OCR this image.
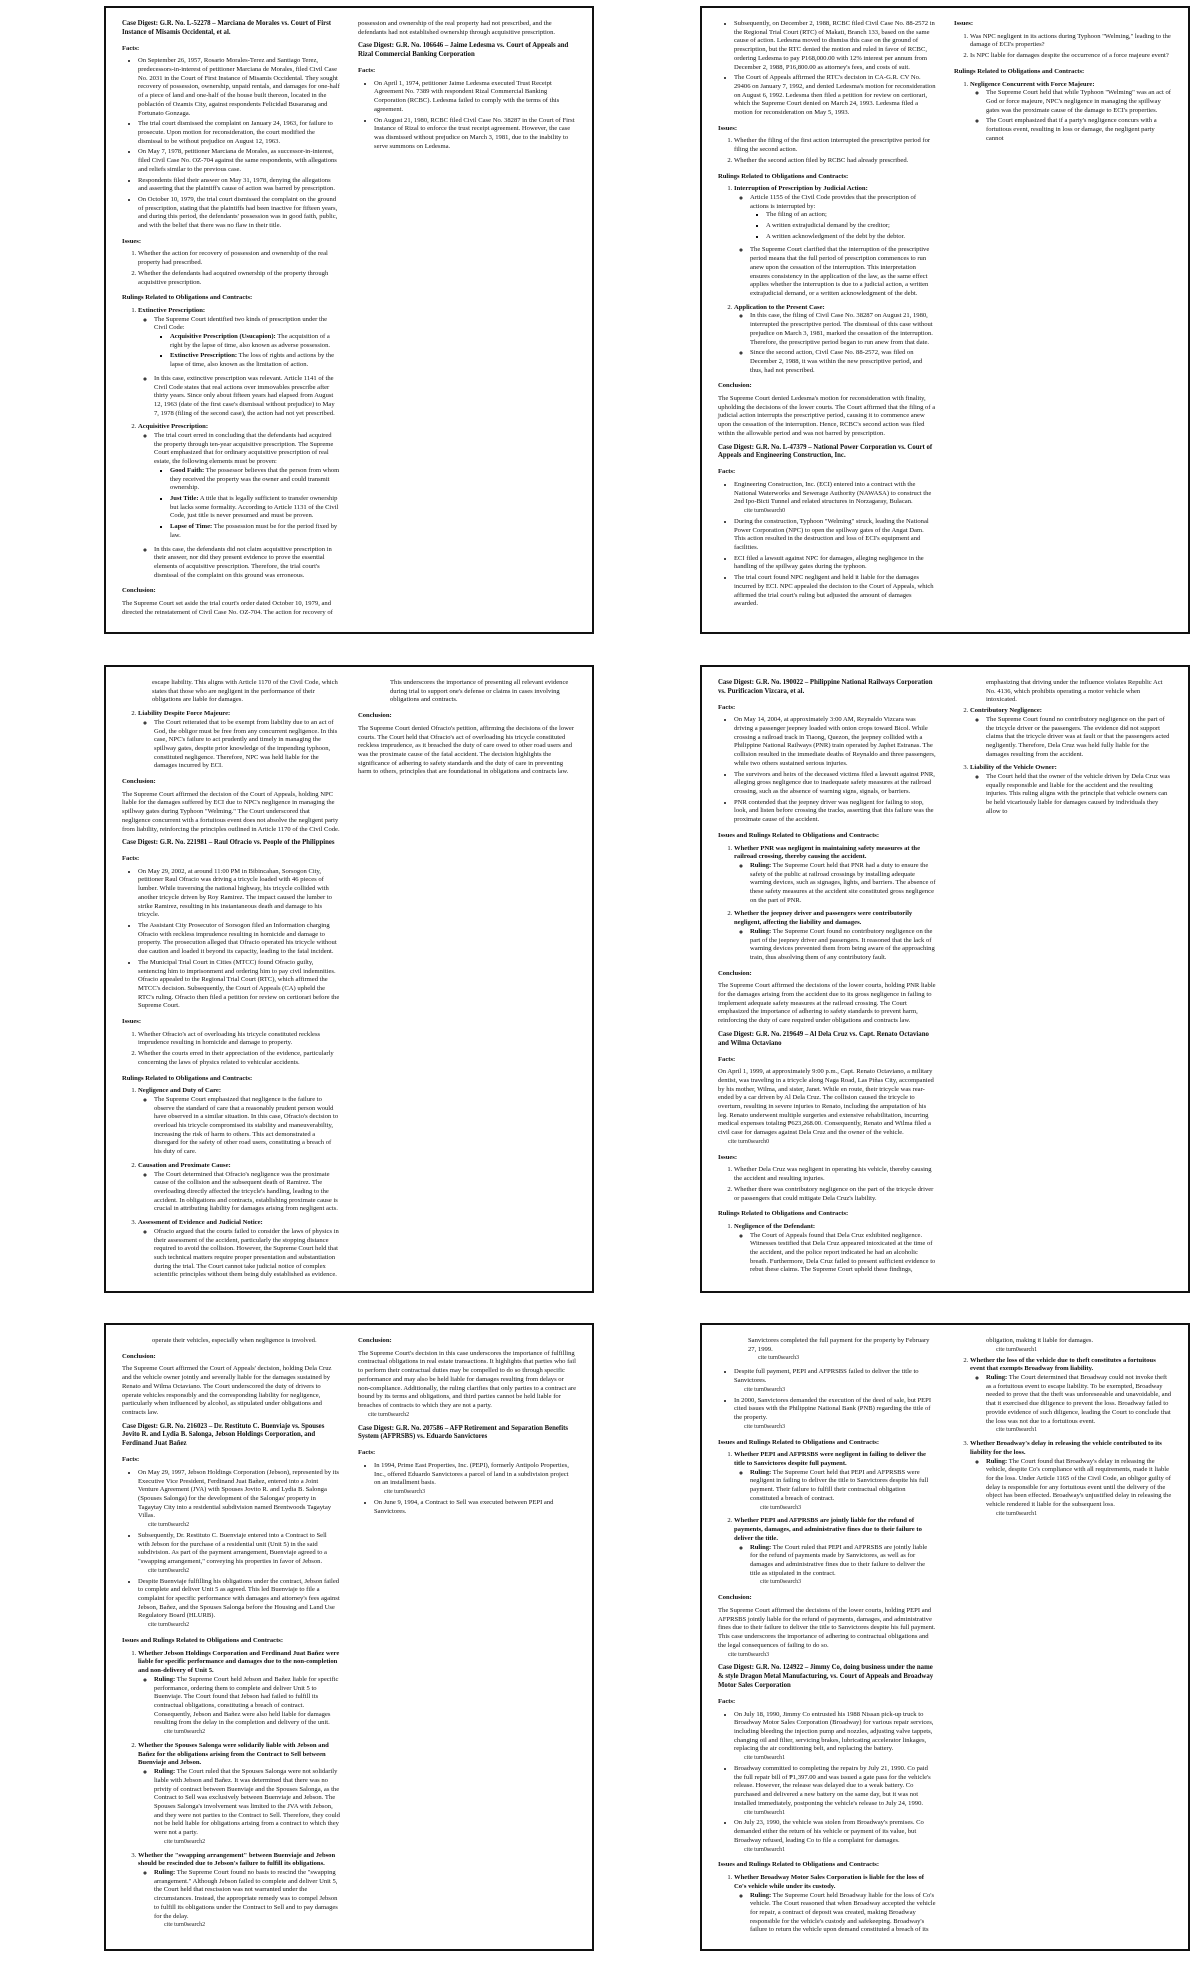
Case Digest: G.R. No. L-52278 – Marciana de Morales vs. Court of First Instance of Misamis Occidental, et al.
Facts:
• On September 26, 1957, Rosario Morales-Terez and Santiago Terez, predecessors-in-interest of petitioner Marciana de Morales, filed Civil Case No. 2031 in the Court of First Instance of Misamis Occidental. They sought recovery of possession, ownership, unpaid rentals, and damages for one-half of a piece of land and one-half of the house built thereon, located in the población of Ozamis City, against respondents Felicidad Busaranag and Fortunato Gonzaga.
• The trial court dismissed the complaint on January 24, 1963, for failure to prosecute. Upon motion for reconsideration, the court modified the dismissal to be without prejudice on August 12, 1963.
• On May 7, 1978, petitioner Marciana de Morales, as successor-in-interest, filed Civil Case No. OZ-704 against the same respondents, with allegations and reliefs similar to the previous case.
• Respondents filed their answer on May 31, 1978, denying the allegations and asserting that the plaintiff's cause of action was barred by prescription.
• On October 10, 1979, the trial court dismissed the complaint on the ground of prescription, stating that the plaintiffs had been inactive for fifteen years, and during this period, the defendants' possession was in good faith, public, and with the belief that there was no flaw in their title.
Issues:
1. Whether the action for recovery of possession and ownership of the real property had prescribed.
2. Whether the defendants had acquired ownership of the property through acquisitive prescription.
Rulings Related to Obligations and Contracts:
1. Extinctive Prescription:
◦ The Supreme Court identified two kinds of prescription under the Civil Code:
▪ Acquisitive Prescription (Usucapion): The acquisition of a right by the lapse of time, also known as adverse possession.
▪ Extinctive Prescription: The loss of rights and actions by the lapse of time, also known as the limitation of action.
◦ In this case, extinctive prescription was relevant. Article 1141 of the Civil Code states that real actions over immovables prescribe after thirty years. Since only about fifteen years had elapsed from August 12, 1963 (date of the first case's dismissal without prejudice) to May 7, 1978 (filing of the second case), the action had not yet prescribed.
2. Acquisitive Prescription:
◦ The trial court erred in concluding that the defendants had acquired the property through ten-year acquisitive prescription. The Supreme Court emphasized that for ordinary acquisitive prescription of real estate, the following elements must be proven:
▪ Good Faith: The possessor believes that the person from whom they received the property was the owner and could transmit ownership.
▪ Just Title: A title that is legally sufficient to transfer ownership but lacks some formality. According to Article 1131 of the Civil Code, just title is never presumed and must be proven.
▪ Lapse of Time: The possession must be for the period fixed by law.
◦ In this case, the defendants did not claim acquisitive prescription in their answer, nor did they present evidence to prove the essential elements of acquisitive prescription. Therefore, the trial court's dismissal of the complaint on this ground was erroneous.
Conclusion:

The Supreme Court set aside the trial court's order dated October 10, 1979, and directed the reinstatement of Civil Case No. OZ-704. The action for recovery of possession and ownership of the real property had not prescribed, and the defendants had not established ownership through acquisitive prescription.

Case Digest: G.R. No. 106646 – Jaime Ledesma vs. Court of Appeals and Rizal Commercial Banking Corporation
Facts:
• On April 1, 1974, petitioner Jaime Ledesma executed Trust Receipt Agreement No. 7389 with respondent Rizal Commercial Banking Corporation (RCBC). Ledesma failed to comply with the terms of this agreement.
• On August 21, 1980, RCBC filed Civil Case No. 38287 in the Court of First Instance of Rizal to enforce the trust receipt agreement. However, the case was dismissed without prejudice on March 3, 1981, due to the inability to serve summons on Ledesma.
• Subsequently, on December 2, 1988, RCBC filed Civil Case No. 88-2572 in the Regional Trial Court (RTC) of Makati, Branch 133, based on the same cause of action. Ledesma moved to dismiss this case on the ground of prescription, but the RTC denied the motion and ruled in favor of RCBC, ordering Ledesma to pay P168,000.00 with 12% interest per annum from December 2, 1988, P16,800.00 as attorney's fees, and costs of suit.
• The Court of Appeals affirmed the RTC's decision in CA-G.R. CV No. 29406 on January 7, 1992, and denied Ledesma's motion for reconsideration on August 6, 1992. Ledesma then filed a petition for review on certiorari, which the Supreme Court denied on March 24, 1993. Ledesma filed a motion for reconsideration on May 5, 1993.
Issues:
1. Whether the filing of the first action interrupted the prescriptive period for filing the second action.
2. Whether the second action filed by RCBC had already prescribed.
Rulings Related to Obligations and Contracts:
1. Interruption of Prescription by Judicial Action:
◦ Article 1155 of the Civil Code provides that the prescription of actions is interrupted by:
▪ The filing of an action;
▪ A written extrajudicial demand by the creditor;
▪ A written acknowledgment of the debt by the debtor.
◦ The Supreme Court clarified that the interruption of the prescriptive period means that the full period of prescription commences to run anew upon the cessation of the interruption. This interpretation ensures consistency in the application of the law, as the same effect applies whether the interruption is due to a judicial action, a written extrajudicial demand, or a written acknowledgment of the debt.
2. Application to the Present Case:
◦ In this case, the filing of Civil Case No. 38287 on August 21, 1980, interrupted the prescriptive period. The dismissal of this case without prejudice on March 3, 1981, marked the cessation of the interruption. Therefore, the prescriptive period began to run anew from that date.
◦ Since the second action, Civil Case No. 88-2572, was filed on December 2, 1988, it was within the new prescriptive period, and thus, had not prescribed.
Conclusion:

The Supreme Court denied Ledesma's motion for reconsideration with finality, upholding the decisions of the lower courts. The Court affirmed that the filing of a judicial action interrupts the prescriptive period, causing it to commence anew upon the cessation of the interruption. Hence, RCBC's second action was filed within the allowable period and was not barred by prescription.

Case Digest: G.R. No. L-47379 – National Power Corporation vs. Court of Appeals and Engineering Construction, Inc.
Facts:
• Engineering Construction, Inc. (ECI) entered into a contract with the National Waterworks and Sewerage Authority (NAWASA) to construct the 2nd Ipo-Bicti Tunnel and related structures in Norzagaray, Bulacan.
cite turn0search0
• During the construction, Typhoon "Welming" struck, leading the National Power Corporation (NPC) to open the spillway gates of the Angat Dam. This action resulted in the destruction and loss of ECI's equipment and facilities.
• ECI filed a lawsuit against NPC for damages, alleging negligence in the handling of the spillway gates during the typhoon.
• The trial court found NPC negligent and held it liable for the damages incurred by ECI. NPC appealed the decision to the Court of Appeals, which affirmed the trial court's ruling but adjusted the amount of damages awarded.
Issues:
1. Was NPC negligent in its actions during Typhoon "Welming," leading to the damage of ECI's properties?
2. Is NPC liable for damages despite the occurrence of a force majeure event?
Rulings Related to Obligations and Contracts:
1. Negligence Concurrent with Force Majeure:
◦ The Supreme Court held that while Typhoon "Welming" was an act of God or force majeure, NPC's negligence in managing the spillway gates was the proximate cause of the damage to ECI's properties.
◦ The Court emphasized that if a party's negligence concurs with a fortuitous event, resulting in loss or damage, the negligent party cannot

escape liability. This aligns with Article 1170 of the Civil Code, which states that those who are negligent in the performance of their obligations are liable for damages.

2. Liability Despite Force Majeure:
◦ The Court reiterated that to be exempt from liability due to an act of God, the obligor must be free from any concurrent negligence. In this case, NPC's failure to act prudently and timely in managing the spillway gates, despite prior knowledge of the impending typhoon, constituted negligence. Therefore, NPC was held liable for the damages incurred by ECI.
Conclusion:

The Supreme Court affirmed the decision of the Court of Appeals, holding NPC liable for the damages suffered by ECI due to NPC's negligence in managing the spillway gates during Typhoon "Welming." The Court underscored that negligence concurrent with a fortuitous event does not absolve the negligent party from liability, reinforcing the principles outlined in Article 1170 of the Civil Code.

Case Digest: G.R. No. 221981 – Raul Ofracio vs. People of the Philippines
Facts:
• On May 29, 2002, at around 11:00 PM in Bibincahan, Sorsogon City, petitioner Raul Ofracio was driving a tricycle loaded with 46 pieces of lumber. While traversing the national highway, his tricycle collided with another tricycle driven by Roy Ramirez. The impact caused the lumber to strike Ramirez, resulting in his instantaneous death and damage to his tricycle.
• The Assistant City Prosecutor of Sorsogon filed an Information charging Ofracio with reckless imprudence resulting in homicide and damage to property. The prosecution alleged that Ofracio operated his tricycle without due caution and loaded it beyond its capacity, leading to the fatal incident.
• The Municipal Trial Court in Cities (MTCC) found Ofracio guilty, sentencing him to imprisonment and ordering him to pay civil indemnities. Ofracio appealed to the Regional Trial Court (RTC), which affirmed the MTCC's decision. Subsequently, the Court of Appeals (CA) upheld the RTC's ruling. Ofracio then filed a petition for review on certiorari before the Supreme Court.
Issues:
1. Whether Ofracio's act of overloading his tricycle constituted reckless imprudence resulting in homicide and damage to property.
2. Whether the courts erred in their appreciation of the evidence, particularly concerning the laws of physics related to vehicular accidents.
Rulings Related to Obligations and Contracts:
1. Negligence and Duty of Care:
◦ The Supreme Court emphasized that negligence is the failure to observe the standard of care that a reasonably prudent person would have observed in a similar situation. In this case, Ofracio's decision to overload his tricycle compromised its stability and maneuverability, increasing the risk of harm to others. This act demonstrated a disregard for the safety of other road users, constituting a breach of his duty of care.
2. Causation and Proximate Cause:
◦ The Court determined that Ofracio's negligence was the proximate cause of the collision and the subsequent death of Ramirez. The overloading directly affected the tricycle's handling, leading to the accident. In obligations and contracts, establishing proximate cause is crucial in attributing liability for damages arising from negligent acts.
3. Assessment of Evidence and Judicial Notice:
◦ Ofracio argued that the courts failed to consider the laws of physics in their assessment of the accident, particularly the stopping distance required to avoid the collision. However, the Supreme Court held that such technical matters require proper presentation and substantiation during the trial. The Court cannot take judicial notice of complex scientific principles without them being duly established as evidence. This underscores the importance of presenting all relevant evidence during trial to support one's defense or claims in cases involving obligations and contracts.
Conclusion:

The Supreme Court denied Ofracio's petition, affirming the decisions of the lower courts. The Court held that Ofracio's act of overloading his tricycle constituted reckless imprudence, as it breached the duty of care owed to other road users and was the proximate cause of the fatal accident. The decision highlights the significance of adhering to safety standards and the duty of care in preventing harm to others, principles that are foundational in obligations and contracts law.

Case Digest: G.R. No. 190022 – Philippine National Railways Corporation vs. Purificacion Vizcara, et al.
Facts:
• On May 14, 2004, at approximately 3:00 AM, Reynaldo Vizcara was driving a passenger jeepney loaded with onion crops toward Bicol. While crossing a railroad track in Tiaong, Quezon, the jeepney collided with a Philippine National Railways (PNR) train operated by Japhet Estranas. The collision resulted in the immediate deaths of Reynaldo and three passengers, while two others sustained serious injuries.
• The survivors and heirs of the deceased victims filed a lawsuit against PNR, alleging gross negligence due to inadequate safety measures at the railroad crossing, such as the absence of warning signs, signals, or barriers.
• PNR contended that the jeepney driver was negligent for failing to stop, look, and listen before crossing the tracks, asserting that this failure was the proximate cause of the accident.
Issues and Rulings Related to Obligations and Contracts:
1. Whether PNR was negligent in maintaining safety measures at the railroad crossing, thereby causing the accident.
◦ Ruling: The Supreme Court held that PNR had a duty to ensure the safety of the public at railroad crossings by installing adequate warning devices, such as signages, lights, and barriers. The absence of these safety measures at the accident site constituted gross negligence on the part of PNR.
2. Whether the jeepney driver and passengers were contributorily negligent, affecting the liability and damages.
◦ Ruling: The Supreme Court found no contributory negligence on the part of the jeepney driver and passengers. It reasoned that the lack of warning devices prevented them from being aware of the approaching train, thus absolving them of any contributory fault.
Conclusion:

The Supreme Court affirmed the decisions of the lower courts, holding PNR liable for the damages arising from the accident due to its gross negligence in failing to implement adequate safety measures at the railroad crossing. The Court emphasized the importance of adhering to safety standards to prevent harm, reinforcing the duty of care required under obligations and contracts law.

Case Digest: G.R. No. 219649 – Al Dela Cruz vs. Capt. Renato Octaviano and Wilma Octaviano
Facts:

On April 1, 1999, at approximately 9:00 p.m., Capt. Renato Octaviano, a military dentist, was traveling in a tricycle along Naga Road, Las Piñas City, accompanied by his mother, Wilma, and sister, Janet. While en route, their tricycle was rear-ended by a car driven by Al Dela Cruz. The collision caused the tricycle to overturn, resulting in severe injuries to Renato, including the amputation of his leg. Renato underwent multiple surgeries and extensive rehabilitation, incurring medical expenses totaling ₱623,268.00. Consequently, Renato and Wilma filed a civil case for damages against Dela Cruz and the owner of the vehicle.
cite turn0search0

Issues:
1. Whether Dela Cruz was negligent in operating his vehicle, thereby causing the accident and resulting injuries.
2. Whether there was contributory negligence on the part of the tricycle driver or passengers that could mitigate Dela Cruz's liability.
Rulings Related to Obligations and Contracts:
1. Negligence of the Defendant:
◦ The Court of Appeals found that Dela Cruz exhibited negligence. Witnesses testified that Dela Cruz appeared intoxicated at the time of the accident, and the police report indicated he had an alcoholic breath. Furthermore, Dela Cruz failed to present sufficient evidence to rebut these claims. The Supreme Court upheld these findings, emphasizing that driving under the influence violates Republic Act No. 4136, which prohibits operating a motor vehicle when intoxicated.
2. Contributory Negligence:
◦ The Supreme Court found no contributory negligence on the part of the tricycle driver or the passengers. The evidence did not support claims that the tricycle driver was at fault or that the passengers acted negligently. Therefore, Dela Cruz was held fully liable for the damages resulting from the accident.
3. Liability of the Vehicle Owner:
◦ The Court held that the owner of the vehicle driven by Dela Cruz was equally responsible and liable for the accident and the resulting injuries. This ruling aligns with the principle that vehicle owners can be held vicariously liable for damages caused by individuals they allow to

operate their vehicles, especially when negligence is involved.

Conclusion:

The Supreme Court affirmed the Court of Appeals' decision, holding Dela Cruz and the vehicle owner jointly and severally liable for the damages sustained by Renato and Wilma Octaviano. The Court underscored the duty of drivers to operate vehicles responsibly and the corresponding liability for negligence, particularly when influenced by alcohol, as stipulated under obligations and contracts law.

Case Digest: G.R. No. 216023 – Dr. Restituto C. Buenviaje vs. Spouses Jovito R. and Lydia B. Salonga, Jebson Holdings Corporation, and Ferdinand Juat Bañez
Facts:
• On May 29, 1997, Jebson Holdings Corporation (Jebson), represented by its Executive Vice President, Ferdinand Juat Bañez, entered into a Joint Venture Agreement (JVA) with Spouses Jovito R. and Lydia B. Salonga (Spouses Salonga) for the development of the Salongas' property in Tagaytay City into a residential subdivision named Brentwoods Tagaytay Villas.
cite turn0search2
• Subsequently, Dr. Restituto C. Buenviaje entered into a Contract to Sell with Jebson for the purchase of a residential unit (Unit 5) in the said subdivision. As part of the payment arrangement, Buenviaje agreed to a "swapping arrangement," conveying his properties in favor of Jebson.
cite turn0search2
• Despite Buenviaje fulfilling his obligations under the contract, Jebson failed to complete and deliver Unit 5 as agreed. This led Buenviaje to file a complaint for specific performance with damages and attorney's fees against Jebson, Bañez, and the Spouses Salonga before the Housing and Land Use Regulatory Board (HLURB).
cite turn0search2
Issues and Rulings Related to Obligations and Contracts:
1. Whether Jebson Holdings Corporation and Ferdinand Juat Bañez were liable for specific performance and damages due to the non-completion and non-delivery of Unit 5.
◦ Ruling: The Supreme Court held Jebson and Bañez liable for specific performance, ordering them to complete and deliver Unit 5 to Buenviaje. The Court found that Jebson had failed to fulfill its contractual obligations, constituting a breach of contract. Consequently, Jebson and Bañez were also held liable for damages resulting from the delay in the completion and delivery of the unit.
cite turn0search2
2. Whether the Spouses Salonga were solidarily liable with Jebson and Bañez for the obligations arising from the Contract to Sell between Buenviaje and Jebson.
◦ Ruling: The Court ruled that the Spouses Salonga were not solidarily liable with Jebson and Bañez. It was determined that there was no privity of contract between Buenviaje and the Spouses Salonga, as the Contract to Sell was exclusively between Buenviaje and Jebson. The Spouses Salonga's involvement was limited to the JVA with Jebson, and they were not parties to the Contract to Sell. Therefore, they could not be held liable for obligations arising from a contract to which they were not a party.
cite turn0search2
3. Whether the "swapping arrangement" between Buenviaje and Jebson should be rescinded due to Jebson's failure to fulfill its obligations.
◦ Ruling: The Supreme Court found no basis to rescind the "swapping arrangement." Although Jebson failed to complete and deliver Unit 5, the Court held that rescission was not warranted under the circumstances. Instead, the appropriate remedy was to compel Jebson to fulfill its obligations under the Contract to Sell and to pay damages for the delay.
cite turn0search2
Conclusion:

The Supreme Court's decision in this case underscores the importance of fulfilling contractual obligations in real estate transactions. It highlights that parties who fail to perform their contractual duties may be compelled to do so through specific performance and may also be held liable for damages resulting from delays or non-compliance. Additionally, the ruling clarifies that only parties to a contract are bound by its terms and obligations, and third parties cannot be held liable for breaches of contracts to which they are not a party.
cite turn0search2

Case Digest: G.R. No. 207586 – AFP Retirement and Separation Benefits System (AFPRSBS) vs. Eduardo Sanvictores
Facts:
• In 1994, Prime East Properties, Inc. (PEPI), formerly Antipolo Properties, Inc., offered Eduardo Sanvictores a parcel of land in a subdivision project on an installment basis.
cite turn0search3
• On June 9, 1994, a Contract to Sell was executed between PEPI and Sanvictores.

Sanvictores completed the full payment for the property by February 27, 1999.
cite turn0search3

• Despite full payment, PEPI and AFPRSBS failed to deliver the title to Sanvictores.
cite turn0search3
• In 2000, Sanvictores demanded the execution of the deed of sale, but PEPI cited issues with the Philippine National Bank (PNB) regarding the title of the property.
cite turn0search3
Issues and Rulings Related to Obligations and Contracts:
1. Whether PEPI and AFPRSBS were negligent in failing to deliver the title to Sanvictores despite full payment.
◦ Ruling: The Supreme Court held that PEPI and AFPRSBS were negligent in failing to deliver the title to Sanvictores despite his full payment. Their failure to fulfill their contractual obligation constituted a breach of contract.
cite turn0search3
2. Whether PEPI and AFPRSBS are jointly liable for the refund of payments, damages, and administrative fines due to their failure to deliver the title.
◦ Ruling: The Court ruled that PEPI and AFPRSBS are jointly liable for the refund of payments made by Sanvictores, as well as for damages and administrative fines due to their failure to deliver the title as stipulated in the contract.
cite turn0search3
Conclusion:

The Supreme Court affirmed the decisions of the lower courts, holding PEPI and AFPRSBS jointly liable for the refund of payments, damages, and administrative fines due to their failure to deliver the title to Sanvictores despite his full payment. This case underscores the importance of adhering to contractual obligations and the legal consequences of failing to do so.
cite turn0search3

Case Digest: G.R. No. 124922 – Jimmy Co, doing business under the name & style Dragon Metal Manufacturing, vs. Court of Appeals and Broadway Motor Sales Corporation
Facts:
• On July 18, 1990, Jimmy Co entrusted his 1988 Nissan pick-up truck to Broadway Motor Sales Corporation (Broadway) for various repair services, including bleeding the injection pump and nozzles, adjusting valve tappets, changing oil and filter, servicing brakes, lubricating accelerator linkages, replacing the air conditioning belt, and replacing the battery.
cite turn0search1
• Broadway committed to completing the repairs by July 21, 1990. Co paid the full repair bill of ₱1,397.00 and was issued a gate pass for the vehicle's release. However, the release was delayed due to a weak battery. Co purchased and delivered a new battery on the same day, but it was not installed immediately, postponing the vehicle's release to July 24, 1990.
cite turn0search1
• On July 23, 1990, the vehicle was stolen from Broadway's premises. Co demanded either the return of his vehicle or payment of its value, but Broadway refused, leading Co to file a complaint for damages.
cite turn0search1
Issues and Rulings Related to Obligations and Contracts:
1. Whether Broadway Motor Sales Corporation is liable for the loss of Co's vehicle while under its custody.
◦ Ruling: The Supreme Court held Broadway liable for the loss of Co's vehicle. The Court reasoned that when Broadway accepted the vehicle for repair, a contract of deposit was created, making Broadway responsible for the vehicle's custody and safekeeping. Broadway's failure to return the vehicle upon demand constituted a breach of its obligation, making it liable for damages.
cite turn0search1
2. Whether the loss of the vehicle due to theft constitutes a fortuitous event that exempts Broadway from liability.
◦ Ruling: The Court determined that Broadway could not invoke theft as a fortuitous event to escape liability. To be exempted, Broadway needed to prove that the theft was unforeseeable and unavoidable, and that it exercised due diligence to prevent the loss. Broadway failed to provide evidence of such diligence, leading the Court to conclude that the loss was not due to a fortuitous event.
cite turn0search1
3. Whether Broadway's delay in releasing the vehicle contributed to its liability for the loss.
◦ Ruling: The Court found that Broadway's delay in releasing the vehicle, despite Co's compliance with all requirements, made it liable for the loss. Under Article 1165 of the Civil Code, an obligor guilty of delay is responsible for any fortuitous event until the delivery of the object has been effected. Broadway's unjustified delay in releasing the vehicle rendered it liable for the subsequent loss.
cite turn0search1
